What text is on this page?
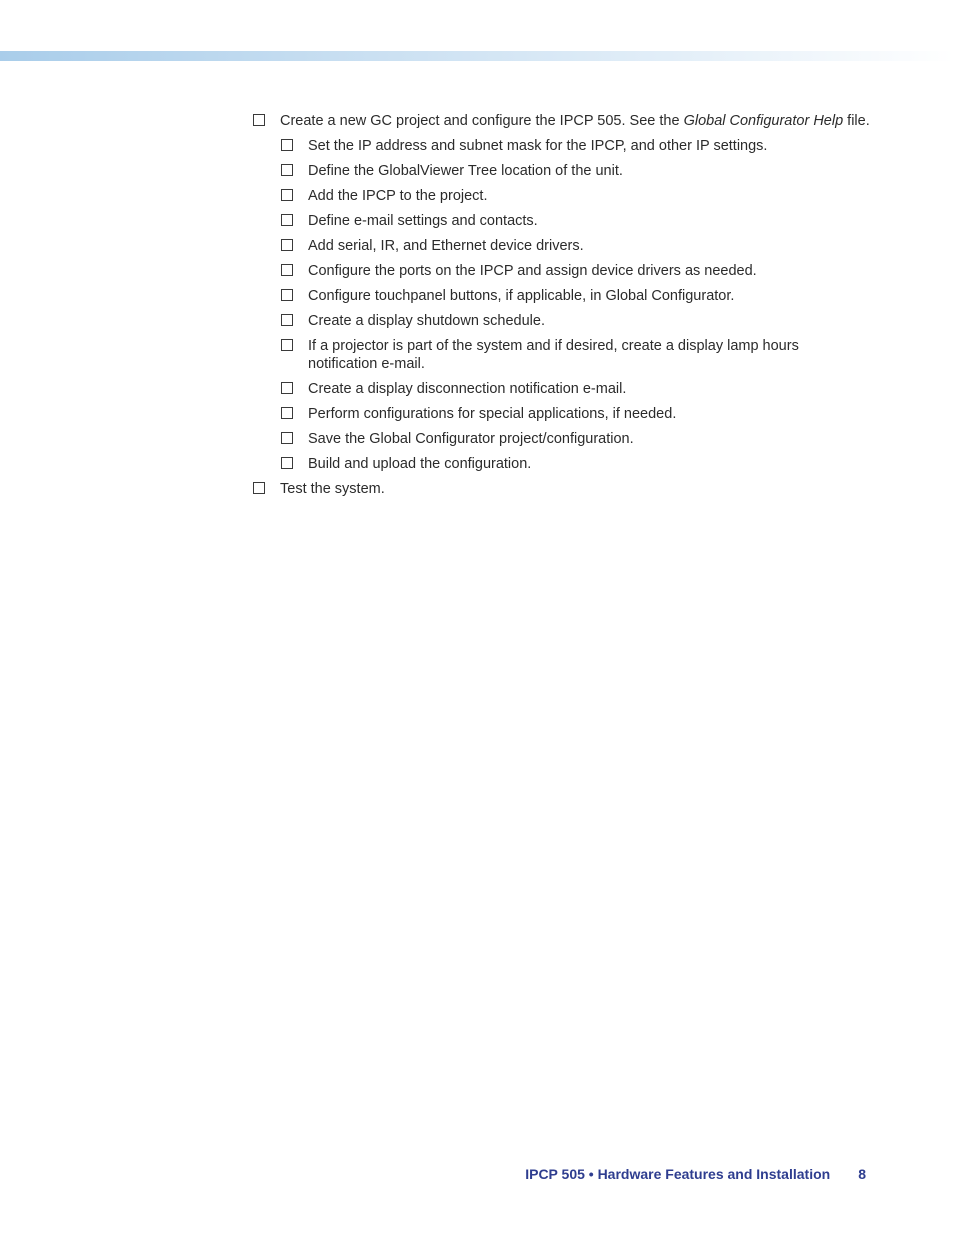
Create a new GC project and configure the IPCP 505. See the Global Configurator Help file.
Set the IP address and subnet mask for the IPCP, and other IP settings.
Define the GlobalViewer Tree location of the unit.
Add the IPCP to the project.
Define e-mail settings and contacts.
Add serial, IR, and Ethernet device drivers.
Configure the ports on the IPCP and assign device drivers as needed.
Configure touchpanel buttons, if applicable, in Global Configurator.
Create a display shutdown schedule.
If a projector is part of the system and if desired, create a display lamp hours notification e-mail.
Create a display disconnection notification e-mail.
Perform configurations for special applications, if needed.
Save the Global Configurator project/configuration.
Build and upload the configuration.
Test the system.
IPCP 505 • Hardware Features and Installation 8
